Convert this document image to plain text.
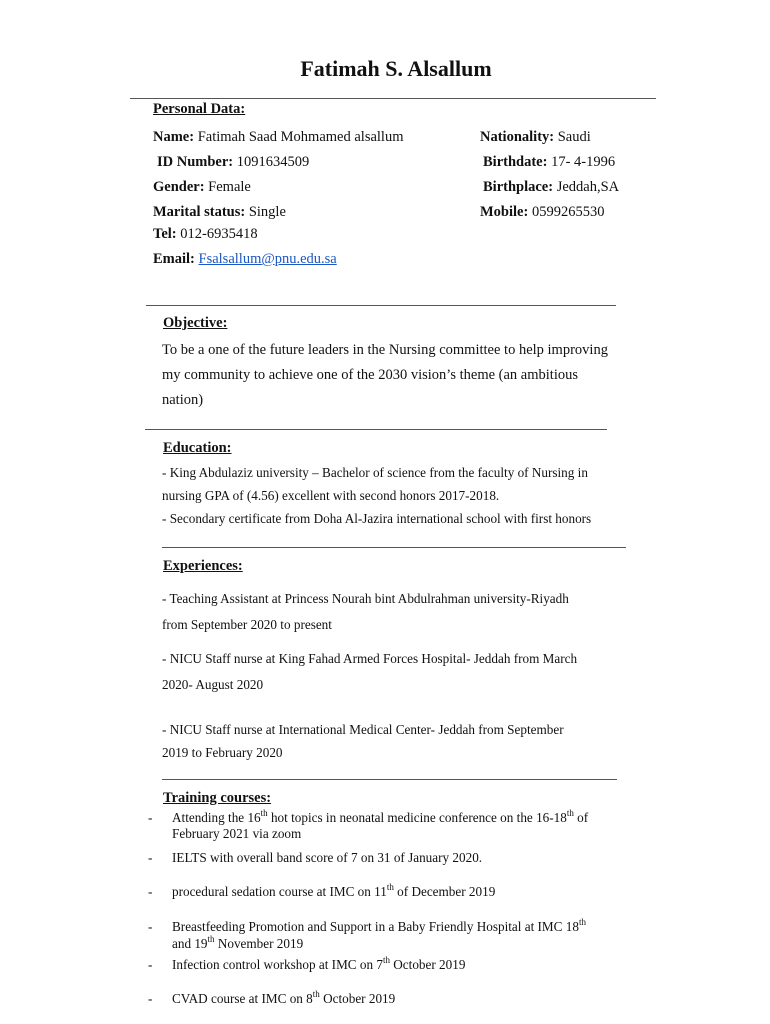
Fatimah S. Alsallum
Personal Data:
Name: Fatimah Saad Mohmamed alsallum	Nationality: Saudi
ID Number: 1091634509	Birthdate: 17- 4-1996
Gender: Female	Birthplace: Jeddah,SA
Marital status: Single	Mobile: 0599265530
Tel: 012-6935418
Email: Fsalsallum@pnu.edu.sa
Objective:
To be a one of the future leaders in the Nursing committee to help improving
my community to achieve one of the 2030 vision’s theme (an ambitious
nation)
Education:
- King Abdulaziz university – Bachelor of science from the faculty of Nursing in
nursing GPA of (4.56) excellent with second honors 2017-2018.
- Secondary certificate from Doha Al-Jazira international school with first honors
Experiences:
- Teaching Assistant at Princess Nourah bint Abdulrahman university-Riyadh
from September 2020 to present
- NICU Staff nurse at King Fahad Armed Forces Hospital- Jeddah from March
2020- August 2020
- NICU Staff nurse at International Medical Center- Jeddah from September
2019 to February 2020
Training courses:
- Attending the 16th hot topics in neonatal medicine conference on the 16-18th of
February 2021 via zoom
- IELTS with overall band score of 7 on 31 of January 2020.
- procedural sedation course at IMC on 11th of December 2019
- Breastfeeding Promotion and Support in a Baby Friendly Hospital at IMC 18th
and 19th November 2019
- Infection control workshop at IMC on 7th October 2019
- CVAD course at IMC on 8th October 2019
